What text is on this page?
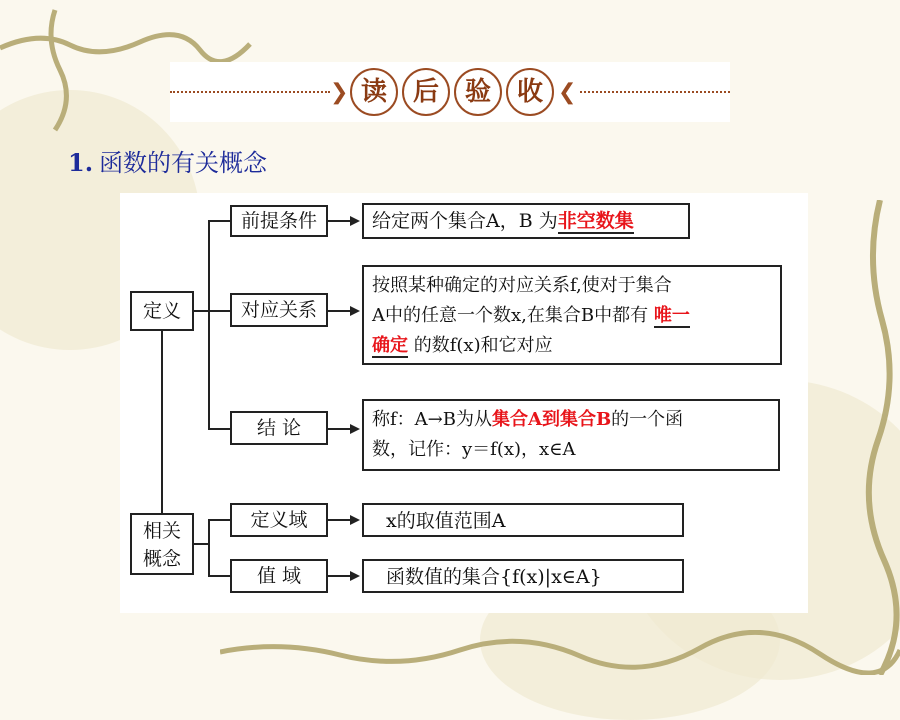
❯ 读 后 验 收 ❮
1. 函数的有关概念
定义
相关
概念
前提条件
对应关系
结 论
定义域
值 域
给定两个集合A，B 为非空数集
按照某种确定的对应关系f,使对于集合
A中的任意一个数x,在集合B中都有 唯一
确定 的数f(x)和它对应
称f：A→B为从集合A到集合B的一个函
数，记作：y＝f(x)，x∈A
x的取值范围A
函数值的集合{f(x)|x∈A}
